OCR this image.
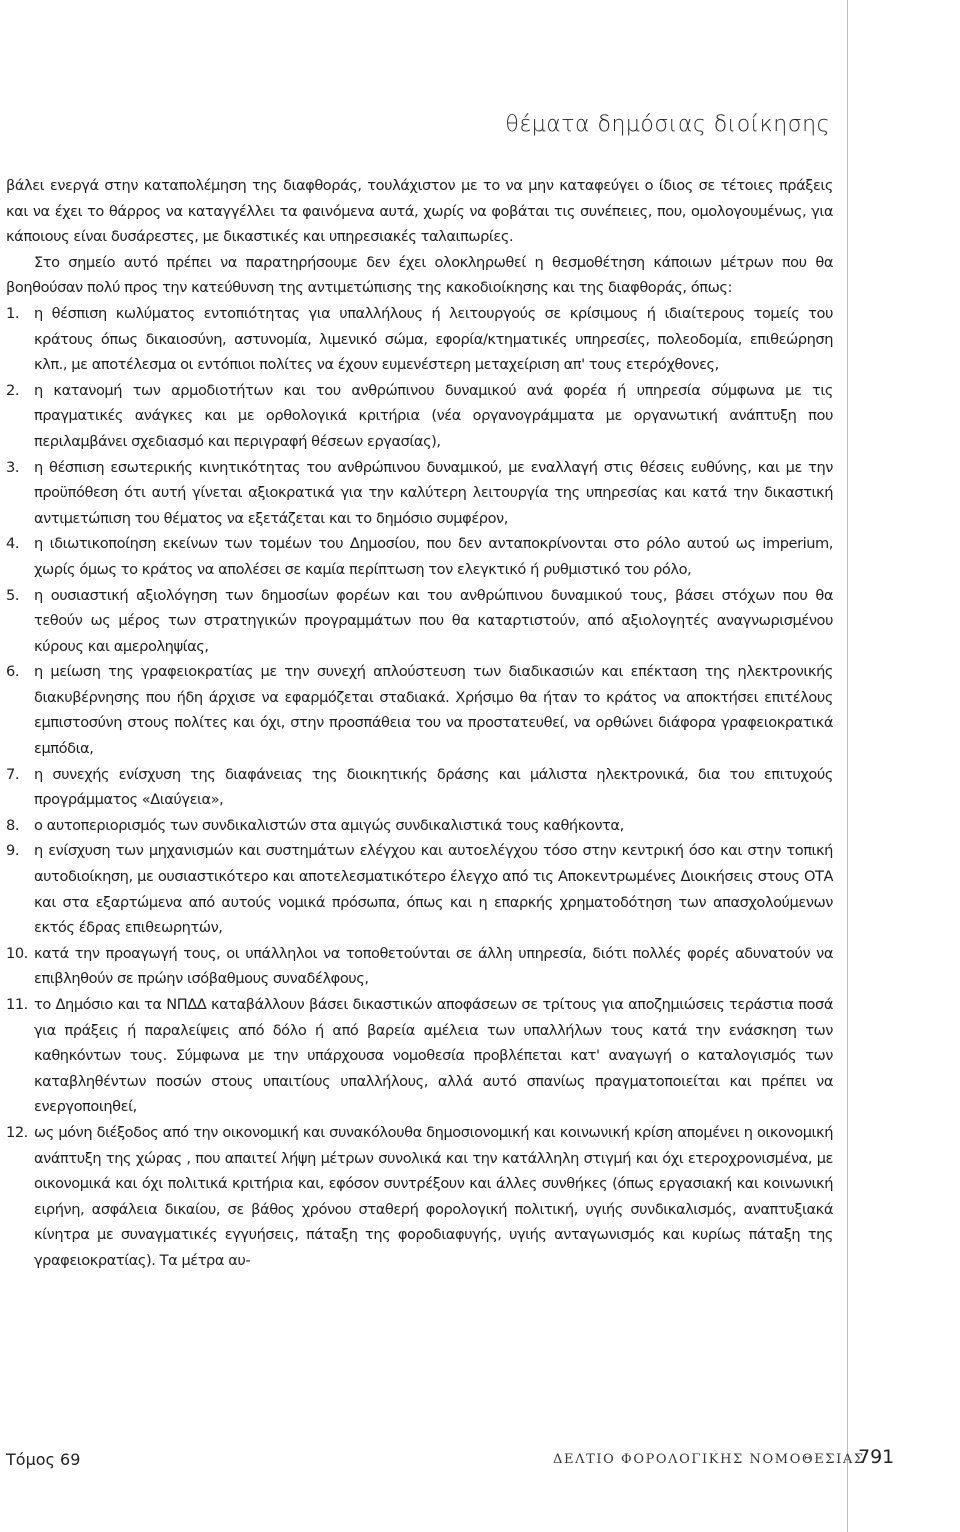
θέματα δημόσιας διοίκησης

βάλει ενεργά στην καταπολέμηση της διαφθοράς, τουλάχιστον με το να μην καταφεύγει ο ίδιος σε τέτοιες πράξεις και να έχει το θάρρος να καταγγέλλει τα φαινόμενα αυτά, χωρίς να φοβάται τις συνέπειες, που, ομολογουμένως, για κάποιους είναι δυσάρεστες, με δικαστικές και υπηρεσιακές ταλαιπωρίες.

Στο σημείο αυτό πρέπει να παρατηρήσουμε δεν έχει ολοκληρωθεί η θεσμοθέτηση κάποιων μέτρων που θα βοηθούσαν πολύ προς την κατεύθυνση της αντιμετώπισης της κακοδιοίκησης και της διαφθοράς, όπως:

1. η θέσπιση κωλύματος εντοπιότητας για υπαλλήλους ή λειτουργούς σε κρίσιμους ή ιδιαίτερους τομείς του κράτους όπως δικαιοσύνη, αστυνομία, λιμενικό σώμα, εφορία/κτηματικές υπηρεσίες, πολεοδομία, επιθεώρηση κλπ., με αποτέλεσμα οι εντόπιοι πολίτες να έχουν ευμενέστερη μεταχείριση απ' τους ετερόχθονες,
2. η κατανομή των αρμοδιοτήτων και του ανθρώπινου δυναμικού ανά φορέα ή υπηρεσία σύμφωνα με τις πραγματικές ανάγκες και με ορθολογικά κριτήρια (νέα οργανογράμματα με οργανωτική ανάπτυξη που περιλαμβάνει σχεδιασμό και περιγραφή θέσεων εργασίας),
3. η θέσπιση εσωτερικής κινητικότητας του ανθρώπινου δυναμικού, με εναλλαγή στις θέσεις ευθύνης, και με την προϋπόθεση ότι αυτή γίνεται αξιοκρατικά για την καλύτερη λειτουργία της υπηρεσίας και κατά την δικαστική αντιμετώπιση του θέματος να εξετάζεται και το δημόσιο συμφέρον,
4. η ιδιωτικοποίηση εκείνων των τομέων του Δημοσίου, που δεν ανταποκρίνονται στο ρόλο αυτού ως imperium, χωρίς όμως το κράτος να απολέσει σε καμία περίπτωση τον ελεγκτικό ή ρυθμιστικό του ρόλο,
5. η ουσιαστική αξιολόγηση των δημοσίων φορέων και του ανθρώπινου δυναμικού τους, βάσει στόχων που θα τεθούν ως μέρος των στρατηγικών προγραμμάτων που θα καταρτιστούν, από αξιολογητές αναγνωρισμένου κύρους και αμεροληψίας,
6. η μείωση της γραφειοκρατίας με την συνεχή απλούστευση των διαδικασιών και επέκταση της ηλεκτρονικής διακυβέρνησης που ήδη άρχισε να εφαρμόζεται σταδιακά. Χρήσιμο θα ήταν το κράτος να αποκτήσει επιτέλους εμπιστοσύνη στους πολίτες και όχι, στην προσπάθεια του να προστατευθεί, να ορθώνει διάφορα γραφειοκρατικά εμπόδια,
7. η συνεχής ενίσχυση της διαφάνειας της διοικητικής δράσης και μάλιστα ηλεκτρονικά, δια του επιτυχούς προγράμματος «Διαύγεια»,
8. ο αυτοπεριορισμός των συνδικαλιστών στα αμιγώς συνδικαλιστικά τους καθήκοντα,
9. η ενίσχυση των μηχανισμών και συστημάτων ελέγχου και αυτοελέγχου τόσο στην κεντρική όσο και στην τοπική αυτοδιοίκηση, με ουσιαστικότερο και αποτελεσματικότερο έλεγχο από τις Αποκεντρωμένες Διοικήσεις στους ΟΤΑ και στα εξαρτώμενα από αυτούς νομικά πρόσωπα, όπως και η επαρκής χρηματοδότηση των απασχολούμενων εκτός έδρας επιθεωρητών,
10. κατά την προαγωγή τους, οι υπάλληλοι να τοποθετούνται σε άλλη υπηρεσία, διότι πολλές φορές αδυνατούν να επιβληθούν σε πρώην ισόβαθμους συναδέλφους,
11. το Δημόσιο και τα ΝΠΔΔ καταβάλλουν βάσει δικαστικών αποφάσεων σε τρίτους για αποζημιώσεις τεράστια ποσά για πράξεις ή παραλείψεις από δόλο ή από βαρεία αμέλεια των υπαλλήλων τους κατά την ενάσκηση των καθηκόντων τους. Σύμφωνα με την υπάρχουσα νομοθεσία προβλέπεται κατ' αναγωγή ο καταλογισμός των καταβληθέντων ποσών στους υπαιτίους υπαλλήλους, αλλά αυτό σπανίως πραγματοποιείται και πρέπει να ενεργοποιηθεί,
12. ως μόνη διέξοδος από την οικονομική και συνακόλουθα δημοσιονομική και κοινωνική κρίση απομένει η οικονομική ανάπτυξη της χώρας , που απαιτεί λήψη μέτρων συνολικά και την κατάλληλη στιγμή και όχι ετεροχρονισμένα, με οικονομικά και όχι πολιτικά κριτήρια και, εφόσον συντρέξουν και άλλες συνθήκες (όπως εργασιακή και κοινωνική ειρήνη, ασφάλεια δικαίου, σε βάθος χρόνου σταθερή φορολογική πολιτική, υγιής συνδικαλισμός, αναπτυξιακά κίνητρα με συναγματικές εγγυήσεις, πάταξη της φοροδιαφυγής, υγιής ανταγωνισμός και κυρίως πάταξη της γραφειοκρατίας). Τα μέτρα αυ-
Τόμος 69	ΔΕΛΤΙΟ ΦΟΡΟΛΟΓΙΚΗΣ ΝΟΜΟΘΕΣΙΑΣ
791
